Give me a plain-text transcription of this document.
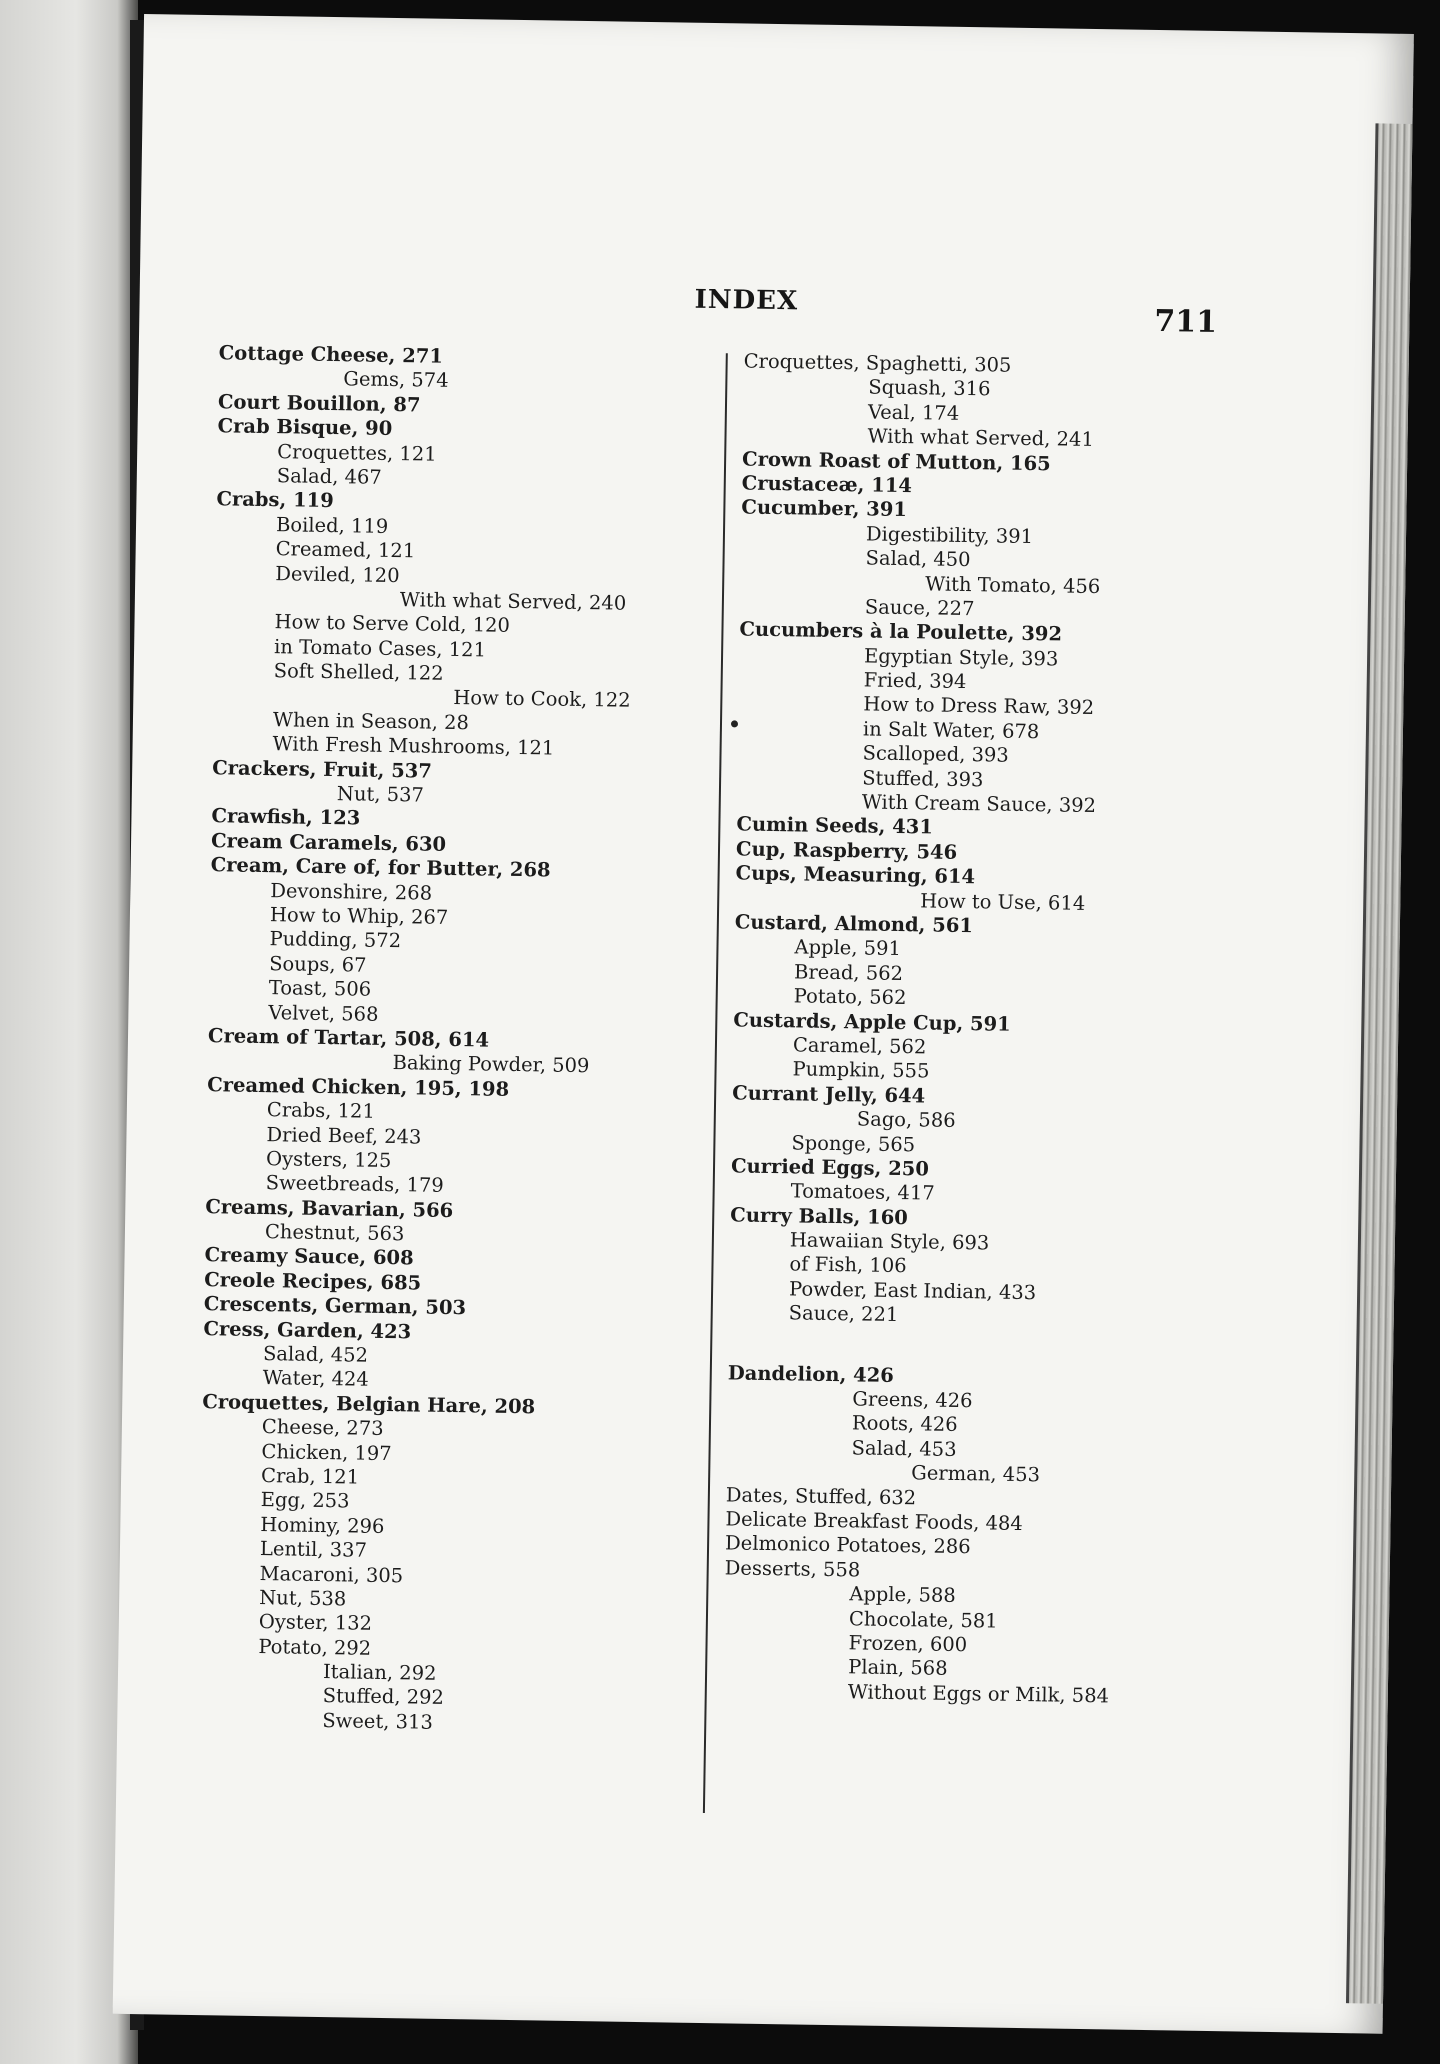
INDEX
711
Cottage Cheese, 271
Gems, 574
Court Bouillon, 87
Crab Bisque, 90
Croquettes, 121
Salad, 467
Crabs, 119
Boiled, 119
Creamed, 121
Deviled, 120
With what Served, 240
How to Serve Cold, 120
in Tomato Cases, 121
Soft Shelled, 122
How to Cook, 122
When in Season, 28
With Fresh Mushrooms, 121
Crackers, Fruit, 537
Nut, 537
Crawfish, 123
Cream Caramels, 630
Cream, Care of, for Butter, 268
Devonshire, 268
How to Whip, 267
Pudding, 572
Soups, 67
Toast, 506
Velvet, 568
Cream of Tartar, 508, 614
Baking Powder, 509
Creamed Chicken, 195, 198
Crabs, 121
Dried Beef, 243
Oysters, 125
Sweetbreads, 179
Creams, Bavarian, 566
Chestnut, 563
Creamy Sauce, 608
Creole Recipes, 685
Crescents, German, 503
Cress, Garden, 423
Salad, 452
Water, 424
Croquettes, Belgian Hare, 208
Cheese, 273
Chicken, 197
Crab, 121
Egg, 253
Hominy, 296
Lentil, 337
Macaroni, 305
Nut, 538
Oyster, 132
Potato, 292
Italian, 292
Stuffed, 292
Sweet, 313
Croquettes, Spaghetti, 305
Squash, 316
Veal, 174
With what Served, 241
Crown Roast of Mutton, 165
Crustaceæ, 114
Cucumber, 391
Digestibility, 391
Salad, 450
With Tomato, 456
Sauce, 227
Cucumbers à la Poulette, 392
Egyptian Style, 393
Fried, 394
How to Dress Raw, 392
in Salt Water, 678
Scalloped, 393
Stuffed, 393
With Cream Sauce, 392
Cumin Seeds, 431
Cup, Raspberry, 546
Cups, Measuring, 614
How to Use, 614
Custard, Almond, 561
Apple, 591
Bread, 562
Potato, 562
Custards, Apple Cup, 591
Caramel, 562
Pumpkin, 555
Currant Jelly, 644
Sago, 586
Sponge, 565
Curried Eggs, 250
Tomatoes, 417
Curry Balls, 160
Hawaiian Style, 693
of Fish, 106
Powder, East Indian, 433
Sauce, 221
Dandelion, 426
Greens, 426
Roots, 426
Salad, 453
German, 453
Dates, Stuffed, 632
Delicate Breakfast Foods, 484
Delmonico Potatoes, 286
Desserts, 558
Apple, 588
Chocolate, 581
Frozen, 600
Plain, 568
Without Eggs or Milk, 584
